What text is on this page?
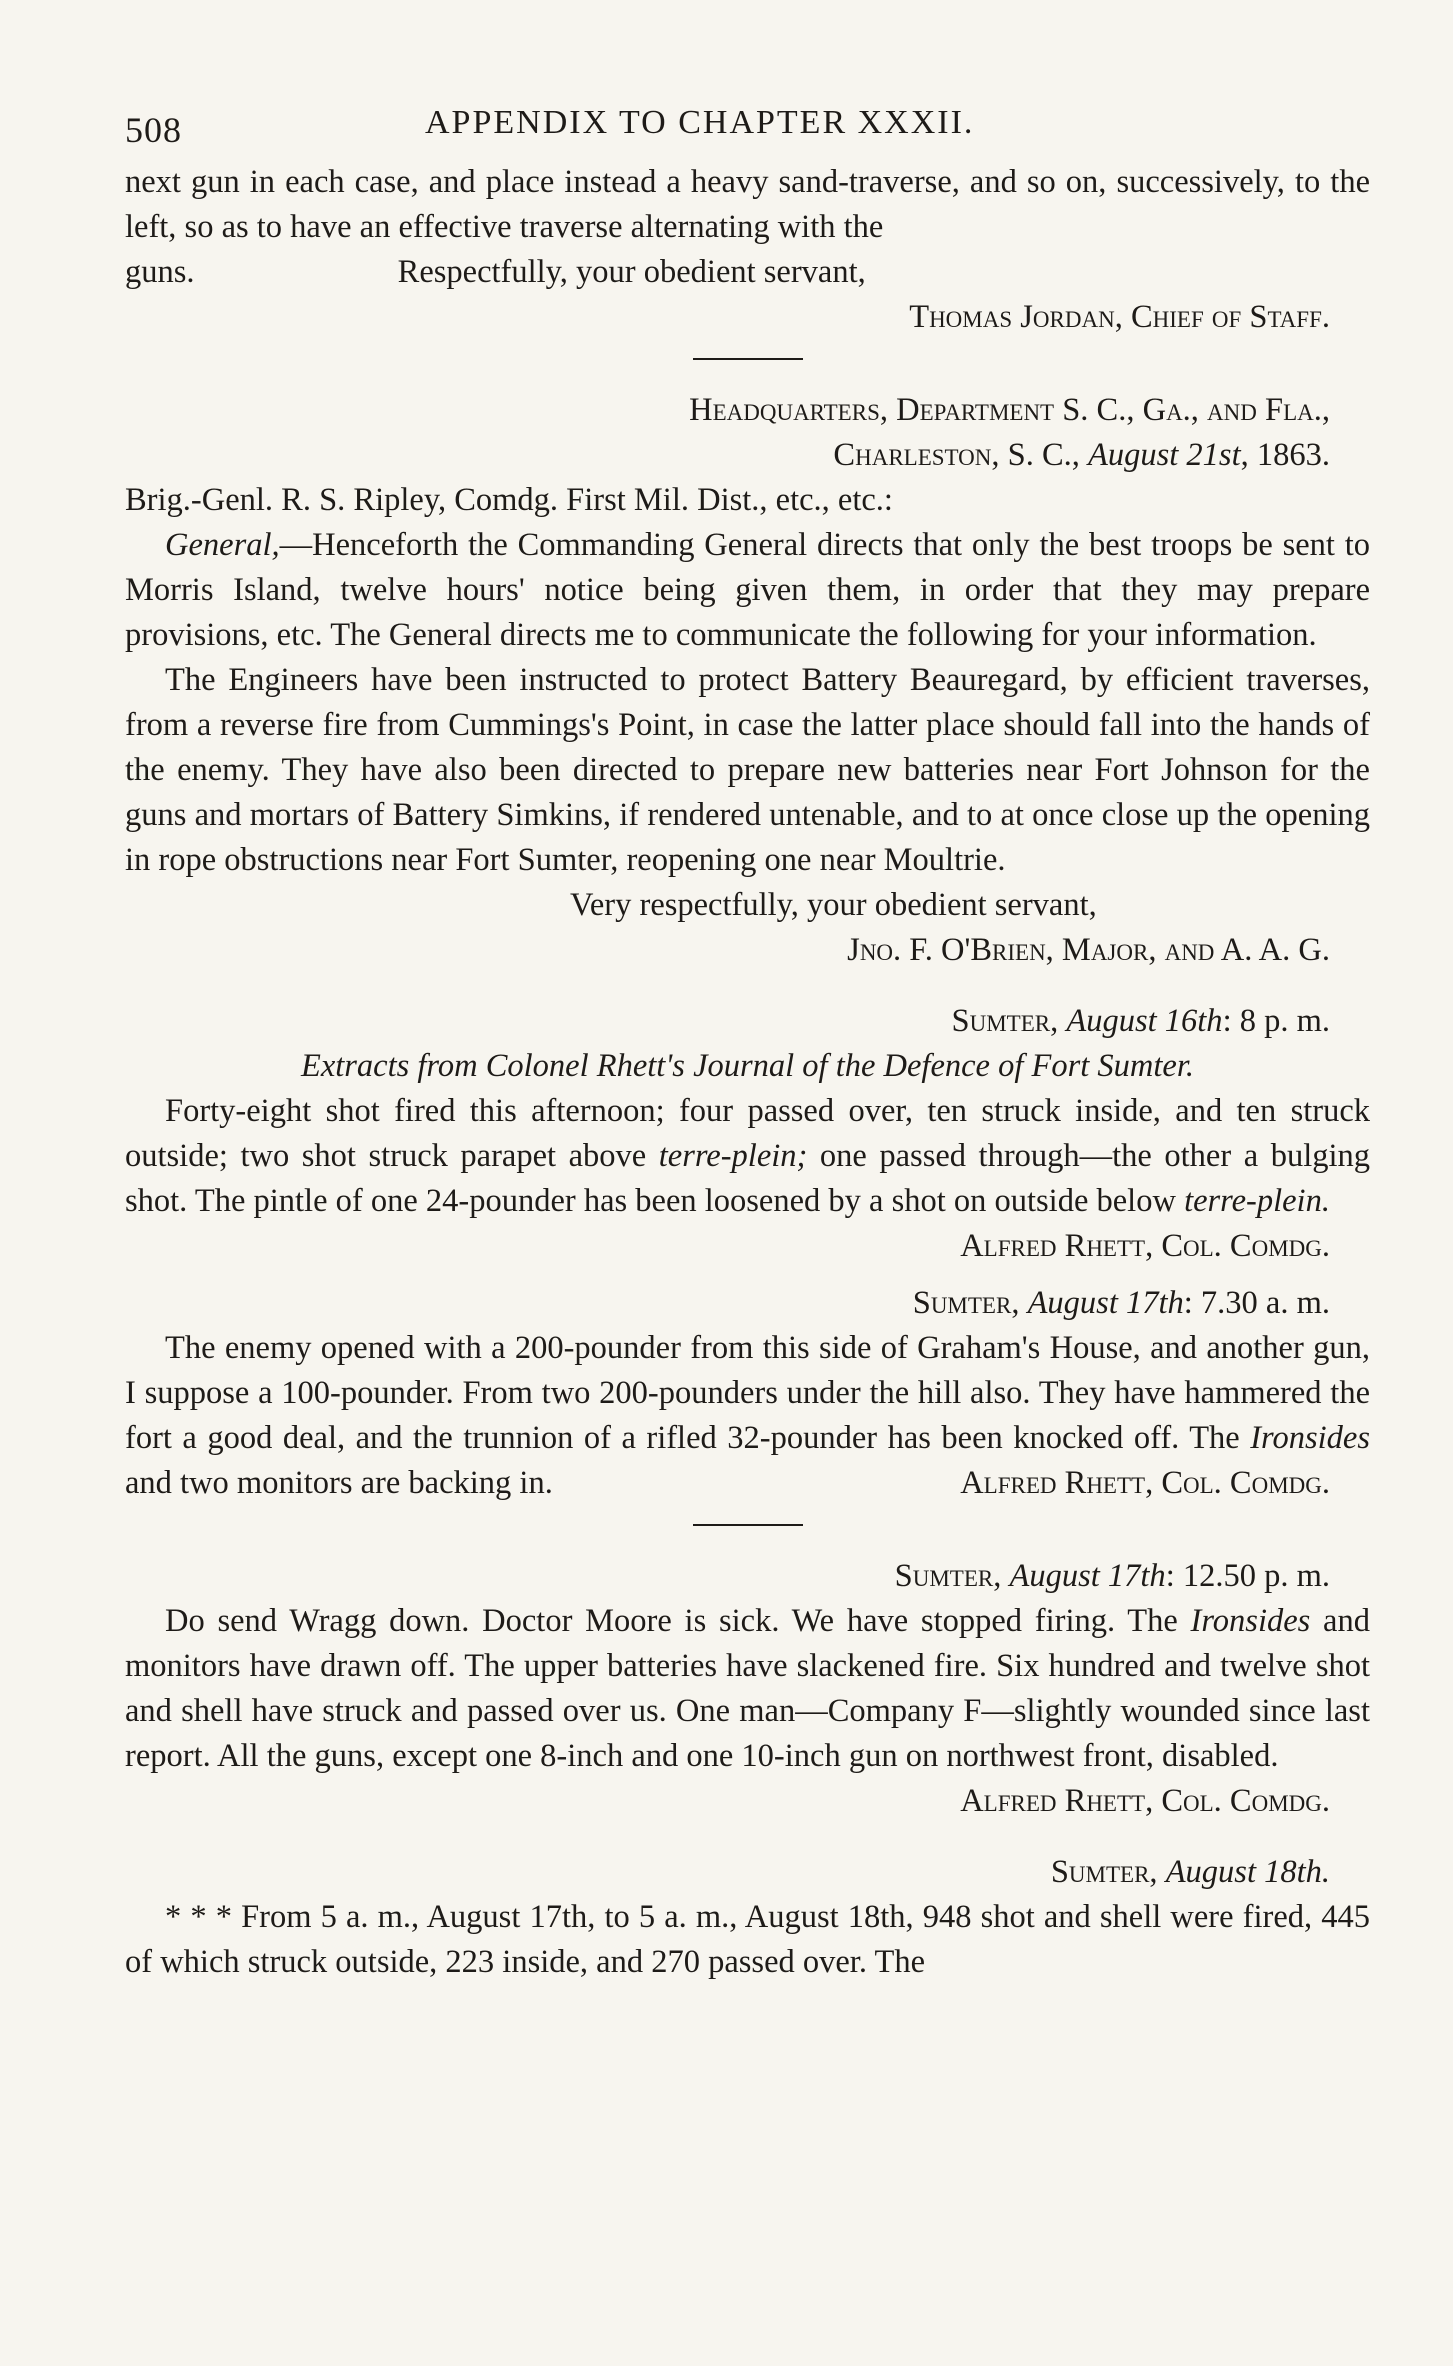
508	APPENDIX TO CHAPTER XXXII.

next gun in each case, and place instead a heavy sand-traverse, and so on, successively, to the left, so as to have an effective traverse alternating with the

guns.	Respectfully, your obedient servant,

Thomas Jordan, Chief of Staff.

Headquarters, Department S. C., Ga., and Fla.,

Charleston, S. C., August 21st, 1863.

Brig.-Genl. R. S. Ripley, Comdg. First Mil. Dist., etc., etc.:

General,—Henceforth the Commanding General directs that only the best troops be sent to Morris Island, twelve hours' notice being given them, in order that they may prepare provisions, etc. The General directs me to communicate the following for your information.

The Engineers have been instructed to protect Battery Beauregard, by efficient traverses, from a reverse fire from Cummings's Point, in case the latter place should fall into the hands of the enemy. They have also been directed to prepare new batteries near Fort Johnson for the guns and mortars of Battery Simkins, if rendered untenable, and to at once close up the opening in rope obstructions near Fort Sumter, reopening one near Moultrie.

Very respectfully, your obedient servant,

Jno. F. O'Brien, Major, and A. A. G.

Sumter, August 16th: 8 p. m.

Extracts from Colonel Rhett's Journal of the Defence of Fort Sumter.

Forty-eight shot fired this afternoon; four passed over, ten struck inside, and ten struck outside; two shot struck parapet above terre-plein; one passed through—the other a bulging shot. The pintle of one 24-pounder has been loosened by a shot on outside below terre-plein.

Alfred Rhett, Col. Comdg.

Sumter, August 17th: 7.30 a. m.

The enemy opened with a 200-pounder from this side of Graham's House, and another gun, I suppose a 100-pounder. From two 200-pounders under the hill also. They have hammered the fort a good deal, and the trunnion of a rifled 32-pounder has been knocked off. The Ironsides and two monitors are backing in.	Alfred Rhett, Col. Comdg.

Sumter, August 17th: 12.50 p. m.

Do send Wragg down. Doctor Moore is sick. We have stopped firing. The Ironsides and monitors have drawn off. The upper batteries have slackened fire. Six hundred and twelve shot and shell have struck and passed over us. One man—Company F—slightly wounded since last report. All the guns, except one 8-inch and one 10-inch gun on northwest front, disabled.

Alfred Rhett, Col. Comdg.

Sumter, August 18th.

* * * From 5 a. m., August 17th, to 5 a. m., August 18th, 948 shot and shell were fired, 445 of which struck outside, 223 inside, and 270 passed over. The
